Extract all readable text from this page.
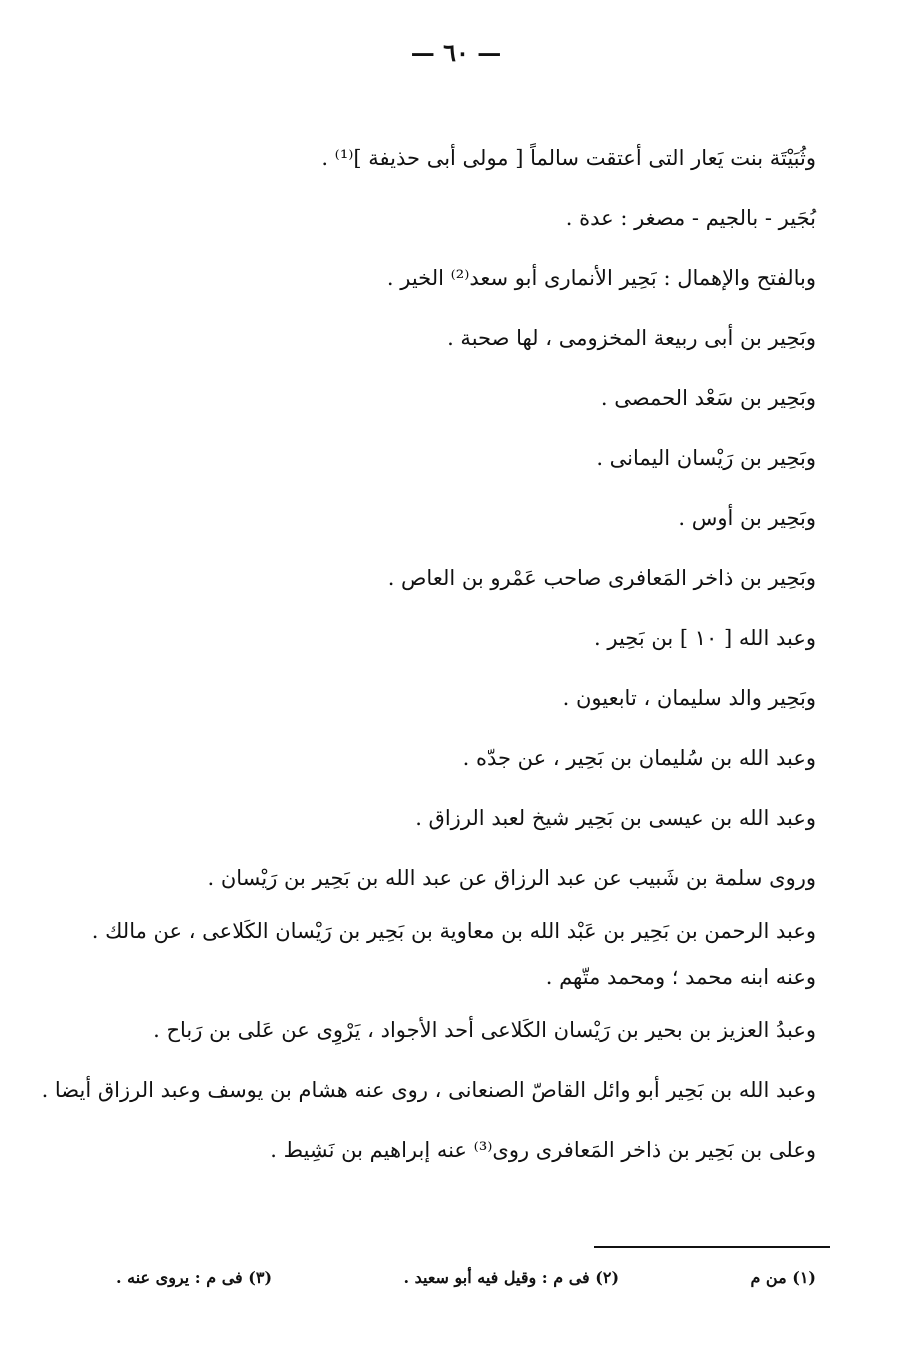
— ٦٠ —
وثُبَيْتَة بنت يَعار التى أعتقت سالماً [ مولى أبى حذيفة ]⁽¹⁾ .
بُجَير - بالجيم - مصغر : عدة .
وبالفتح والإهمال : بَحِير الأنمارى أبو سعد⁽²⁾ الخير .
وبَحِير بن أبى ربيعة المخزومى ، لها صحبة .
وبَحِير بن سَعْد الحمصى .
وبَحِير بن رَيْسان اليمانى .
وبَحِير بن أوس .
وبَحِير بن ذاخر المَعافرى صاحب عَمْرو بن العاص .
وعبد الله [ ١٠ ] بن بَحِير .
وبَحِير والد سليمان ، تابعيون .
وعبد الله بن سُليمان بن بَحِير ، عن جدّه .
وعبد الله بن عيسى بن بَحِير شيخ لعبد الرزاق .
وروى سلمة بن شَبيب عن عبد الرزاق عن عبد الله بن بَحِير بن رَيْسان .
وعبد الرحمن بن بَحِير بن عَبْد الله بن معاوية بن بَحِير بن رَيْسان الكَلاعى ، عن مالك .
وعنه ابنه محمد ؛ ومحمد متّهم .
وعبدُ العزيز بن بحير بن رَيْسان الكَلاعى أحد الأجواد ، يَرْوِى عن عَلى بن رَباح .
وعبد الله بن بَحِير أبو وائل القاصّ الصنعانى ، روى عنه هشام بن يوسف وعبد الرزاق أيضا .
وعلى بن بَحِير بن ذاخر المَعافرى روى⁽³⁾ عنه إبراهيم بن نَشِيط .
(١) من م
(٢) فى م : وقيل فيه أبو سعيد .
(٣) فى م : يروى عنه .
